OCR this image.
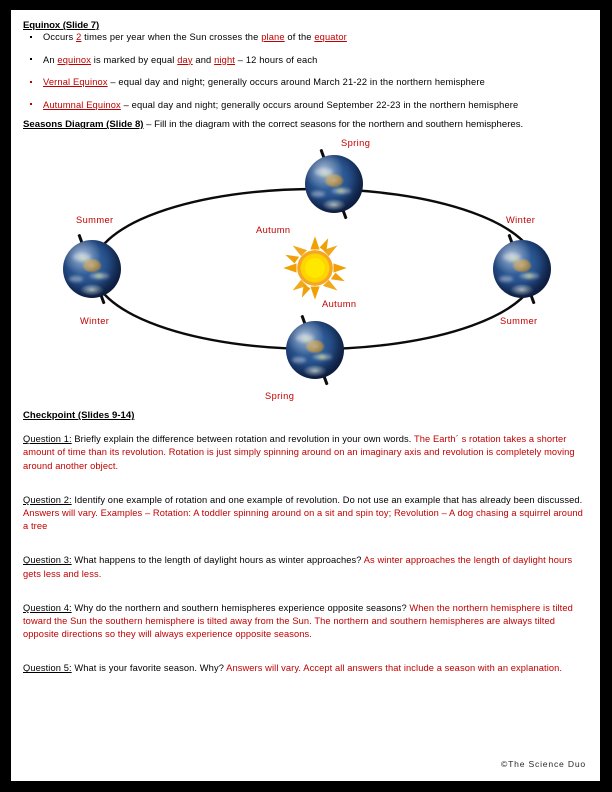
Equinox (Slide 7)

Occurs 2 times per year when the Sun crosses the plane of the equator
An equinox is marked by equal day and night – 12 hours of each
Vernal Equinox – equal day and night; generally occurs around March 21-22 in the northern hemisphere
Autumnal Equinox – equal day and night; generally occurs around September 22-23 in the northern hemisphere

Seasons Diagram (Slide 8) – Fill in the diagram with the correct seasons for the northern and southern hemispheres.

Spring
Autumn
Summer
Winter
Winter
Summer
Autumn
Spring

Checkpoint (Slides 9-14)

Question 1: Briefly explain the difference between rotation and revolution in your own words. The Earth´ s rotation takes a shorter amount of time than its revolution. Rotation is just simply spinning around on an imaginary axis and revolution is completely moving around another object.

Question 2: Identify one example of rotation and one example of revolution. Do not use an example that has already been discussed. Answers will vary. Examples – Rotation: A toddler spinning around on a sit and spin toy; Revolution – A dog chasing a squirrel around a tree

Question 3: What happens to the length of daylight hours as winter approaches? As winter approaches the length of daylight hours gets less and less.

Question 4: Why do the northern and southern hemispheres experience opposite seasons? When the northern hemisphere is tilted toward the Sun the southern hemisphere is tilted away from the Sun. The northern and southern hemispheres are always tilted opposite directions so they will always experience opposite seasons.

Question 5: What is your favorite season. Why? Answers will vary. Accept all answers that include a season with an explanation.

©The Science Duo
